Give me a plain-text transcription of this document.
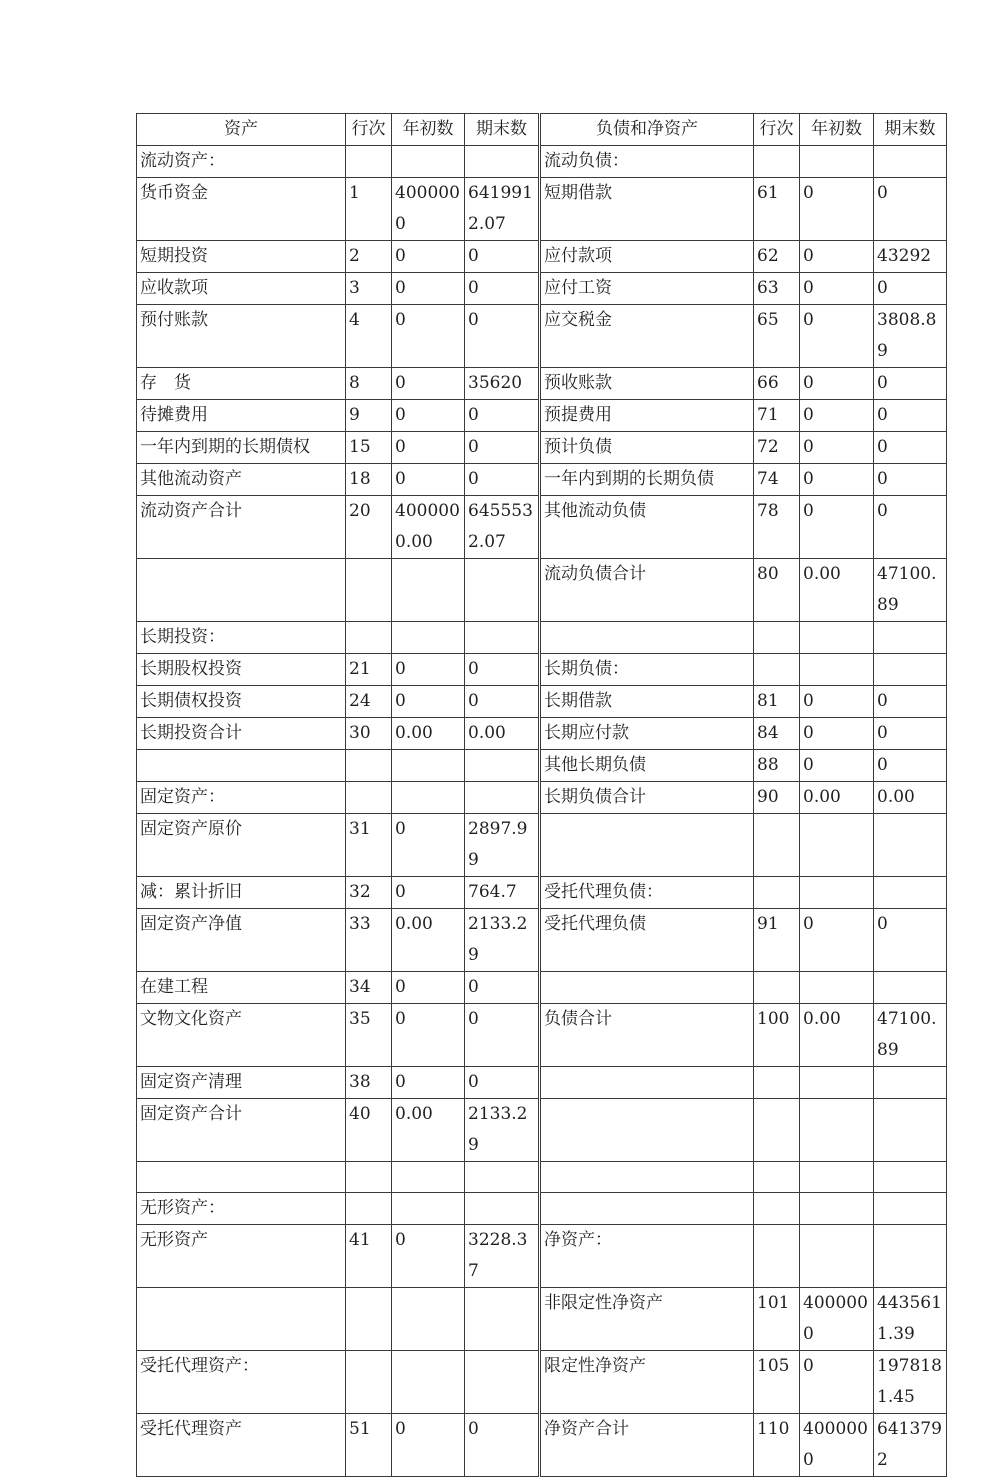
资产	行次	年初数	期末数	负债和净资产	行次	年初数	期末数
流动资产：				流动负债：			
货币资金	1	4000000	6419912.07	短期借款	61	0	0
短期投资	2	0	0	应付款项	62	0	43292
应收款项	3	0	0	应付工资	63	0	0
预付账款	4	0	0	应交税金	65	0	3808.89
存　货	8	0	35620	预收账款	66	0	0
待摊费用	9	0	0	预提费用	71	0	0
一年内到期的长期债权	15	0	0	预计负债	72	0	0
其他流动资产	18	0	0	一年内到期的长期负债	74	0	0
流动资产合计	20	4000000.00	6455532.07	其他流动负债	78	0	0
				流动负债合计	80	0.00	47100.89
长期投资：							
长期股权投资	21	0	0	长期负债：			
长期债权投资	24	0	0	长期借款	81	0	0
长期投资合计	30	0.00	0.00	长期应付款	84	0	0
				其他长期负债	88	0	0
固定资产：				长期负债合计	90	0.00	0.00
固定资产原价	31	0	2897.99				
减：累计折旧	32	0	764.7	受托代理负债：			
固定资产净值	33	0.00	2133.29	受托代理负债	91	0	0
在建工程	34	0	0				
文物文化资产	35	0	0	负债合计	100	0.00	47100.89
固定资产清理	38	0	0				
固定资产合计	40	0.00	2133.29				

无形资产：							
无形资产	41	0	3228.37	净资产：			
				非限定性净资产	101	4000000	4435611.39
受托代理资产：				限定性净资产	105	0	1978181.45
受托代理资产	51	0	0	净资产合计	110	4000000	6413792
